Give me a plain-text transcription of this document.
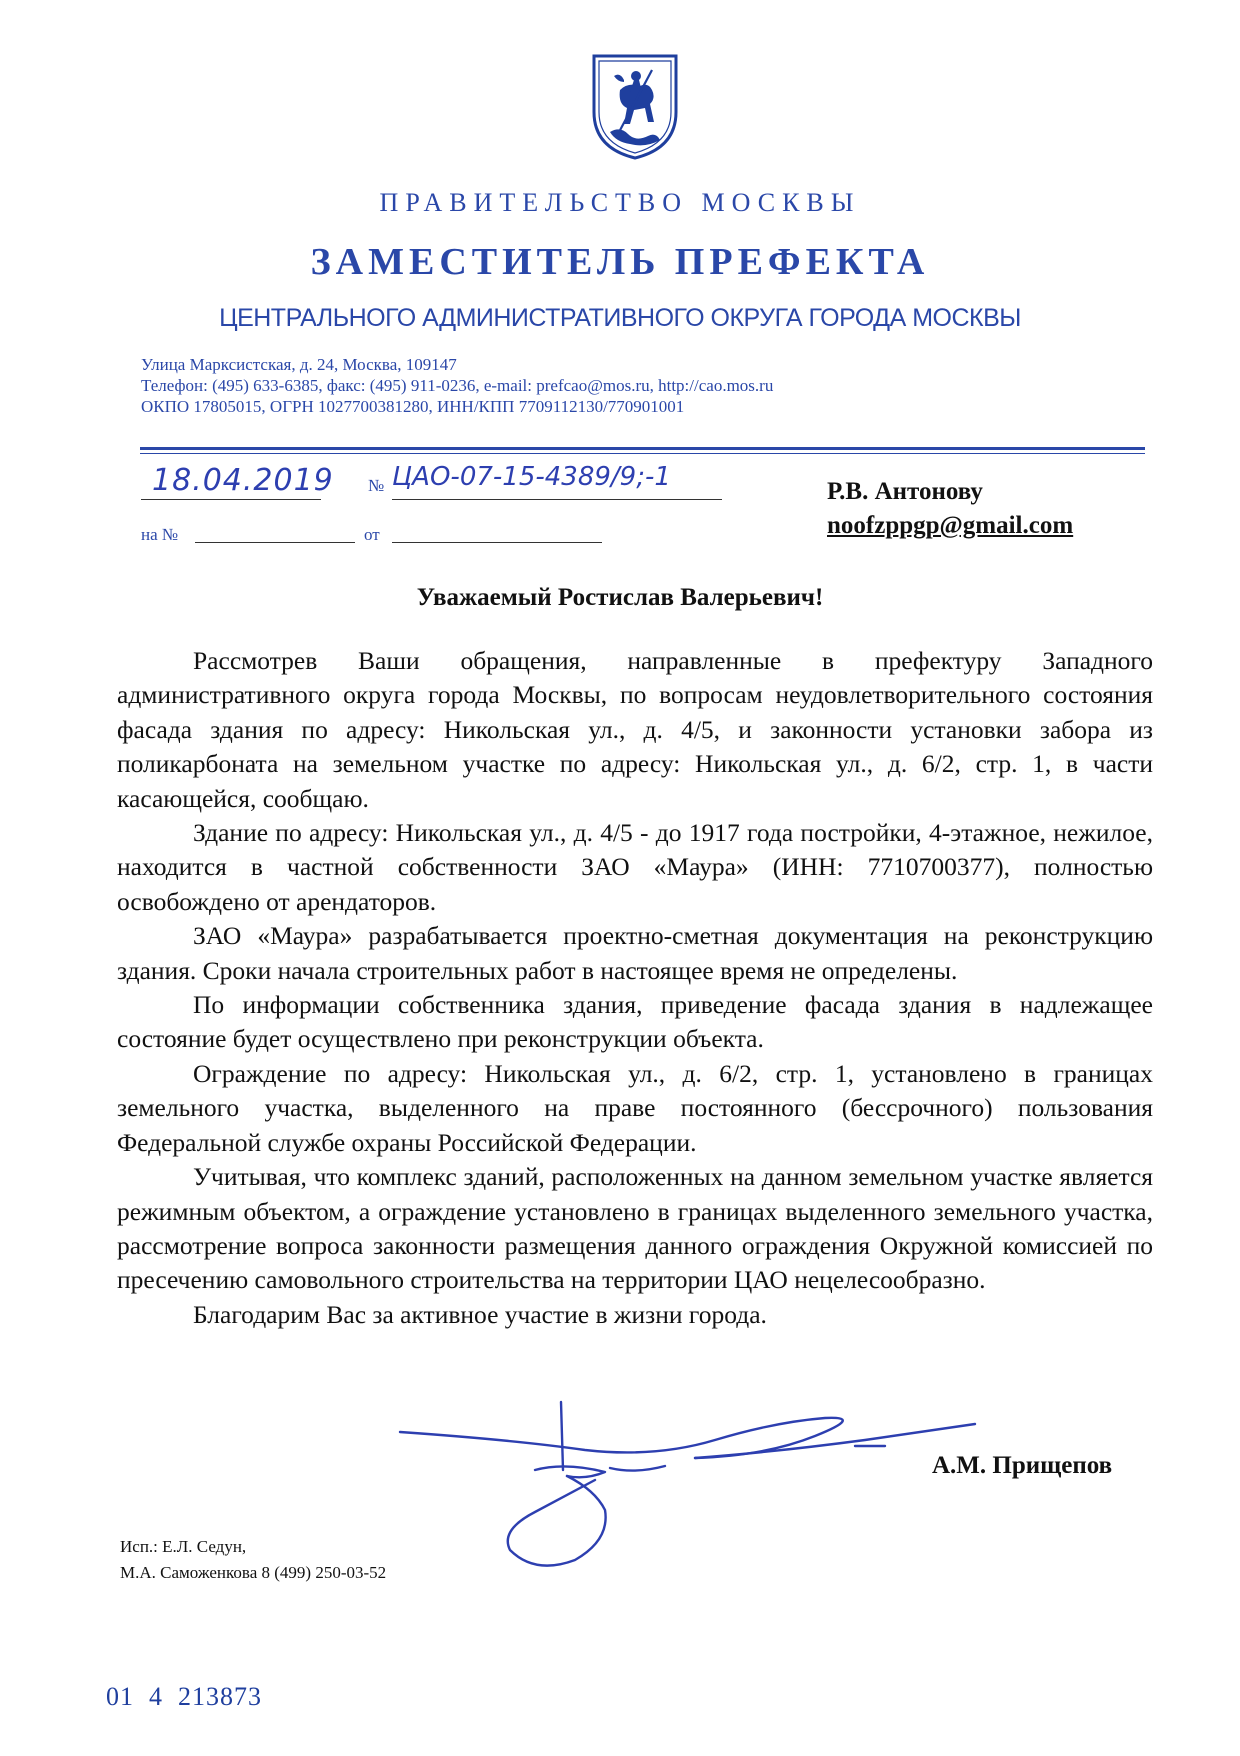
ПРАВИТЕЛЬСТВО МОСКВЫ
ЗАМЕСТИТЕЛЬ ПРЕФЕКТА
ЦЕНТРАЛЬНОГО АДМИНИСТРАТИВНОГО ОКРУГА ГОРОДА МОСКВЫ
Улица Марксистская, д. 24, Москва, 109147
Телефон: (495) 633-6385, факс: (495) 911-0236, e-mail: prefcao@mos.ru, http://cao.mos.ru
ОКПО 17805015, ОГРН 1027700381280, ИНН/КПП 7709112130/770901001
18.04.2019 № ЦАО-07-15-4389/9;-1
на №	от
Р.В. Антонову
noofzppgp@gmail.com
Уважаемый Ростислав Валерьевич!

Рассмотрев Ваши обращения, направленные в префектуру Западного административного округа города Москвы, по вопросам неудовлетворительного состояния фасада здания по адресу: Никольская ул., д. 4/5, и законности установки забора из поликарбоната на земельном участке по адресу: Никольская ул., д. 6/2, стр. 1, в части касающейся, сообщаю.

Здание по адресу: Никольская ул., д. 4/5 - до 1917 года постройки, 4-этажное, нежилое, находится в частной собственности ЗАО «Маура» (ИНН: 7710700377), полностью освобождено от арендаторов.

ЗАО «Маура» разрабатывается проектно-сметная документация на реконструкцию здания. Сроки начала строительных работ в настоящее время не определены.

По информации собственника здания, приведение фасада здания в надлежащее состояние будет осуществлено при реконструкции объекта.

Ограждение по адресу: Никольская ул., д. 6/2, стр. 1, установлено в границах земельного участка, выделенного на праве постоянного (бессрочного) пользования Федеральной службе охраны Российской Федерации.

Учитывая, что комплекс зданий, расположенных на данном земельном участке является режимным объектом, а ограждение установлено в границах выделенного земельного участка, рассмотрение вопроса законности размещения данного ограждения Окружной комиссией по пресечению самовольного строительства на территории ЦАО нецелесообразно.

Благодарим Вас за активное участие в жизни города.

А.М. Прищепов
Исп.: Е.Л. Седун,
М.А. Саможенкова 8 (499) 250-03-52
01  4  213873
